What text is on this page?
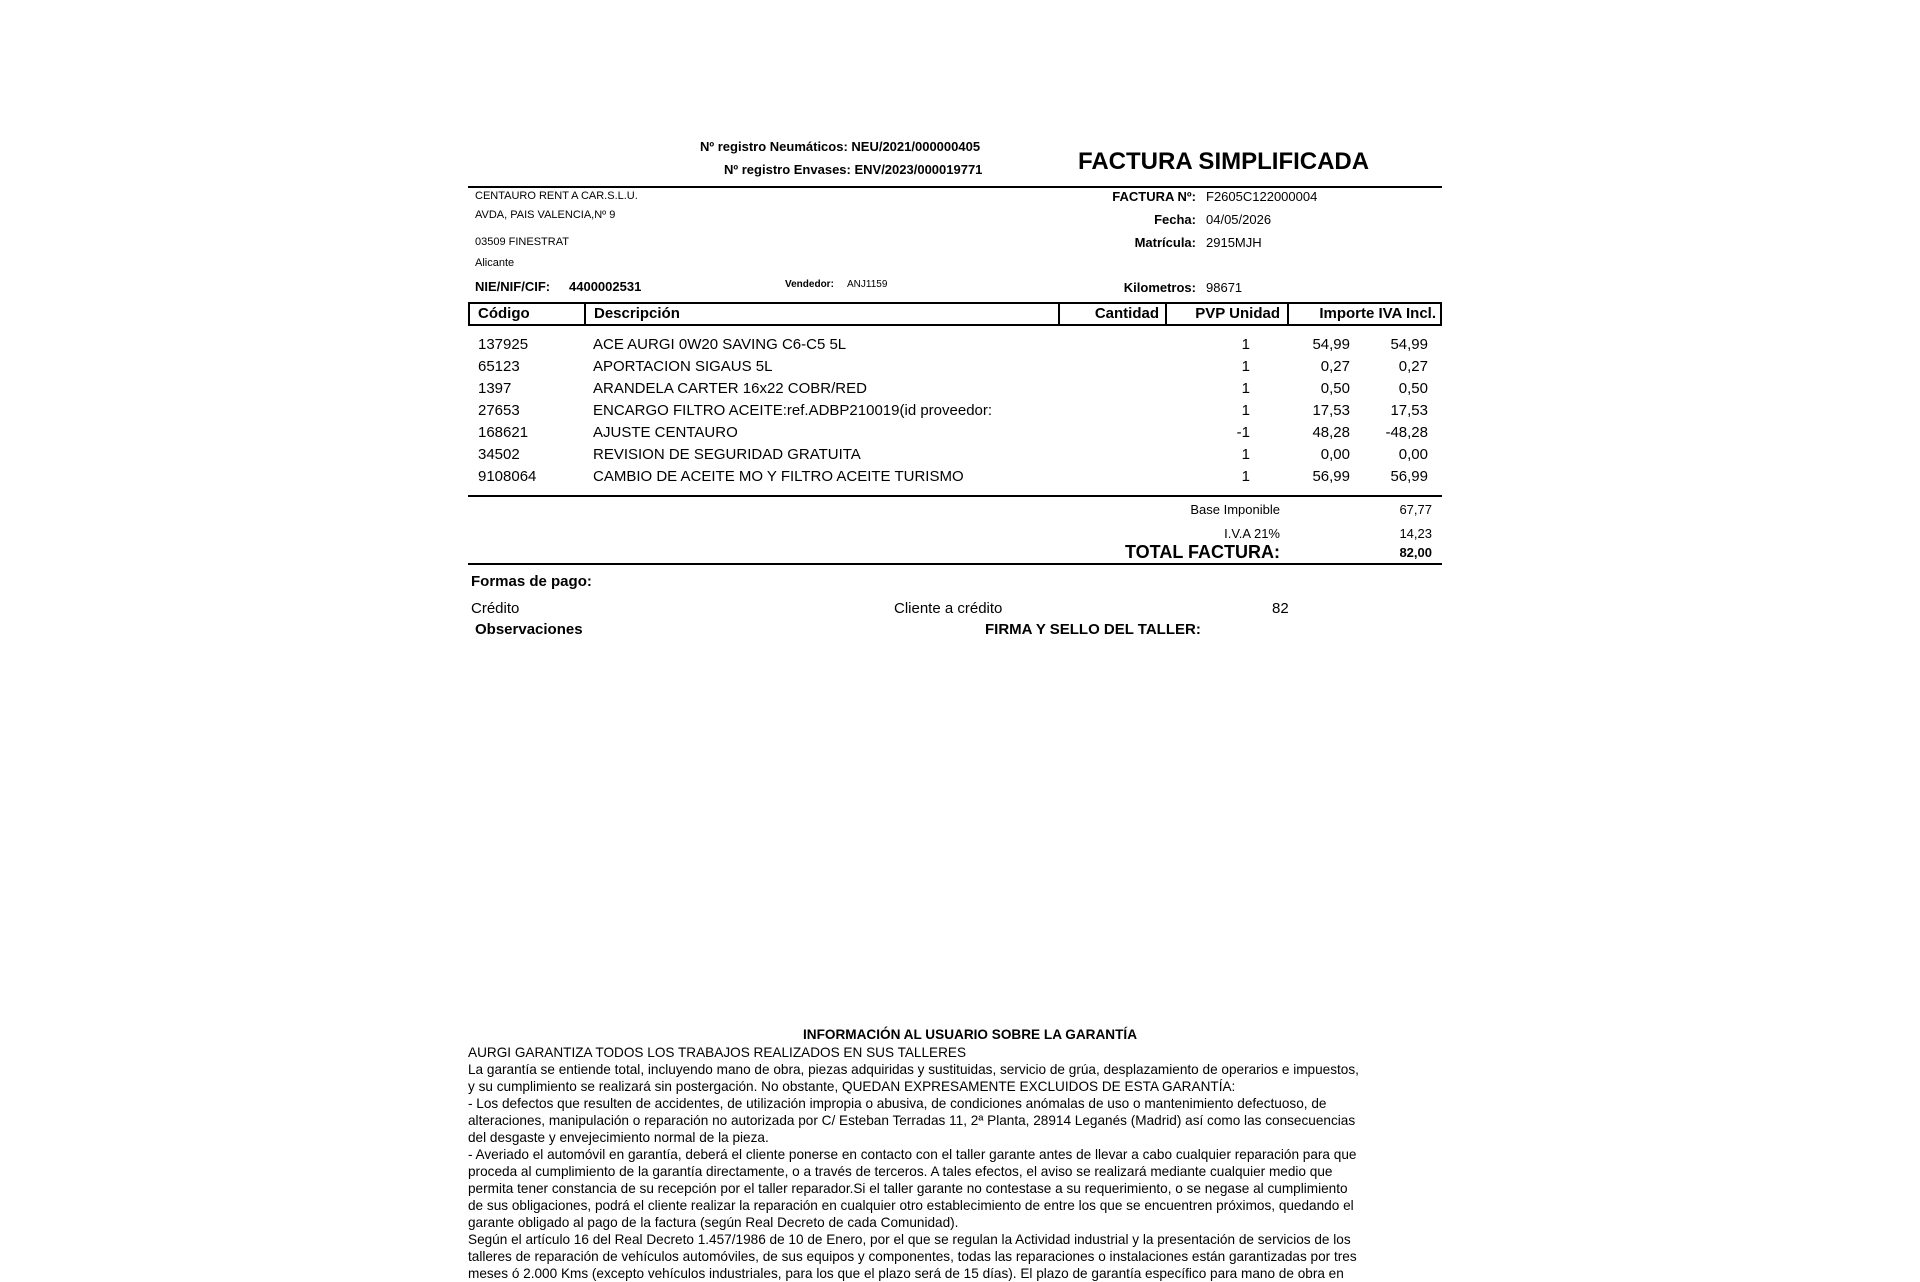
Nº registro Neumáticos: NEU/2021/000000405
Nº registro Envases: ENV/2023/000019771	FACTURA SIMPLIFICADA
CENTAURO RENT A CAR.S.L.U.
AVDA, PAIS VALENCIA,Nº 9
03509 FINESTRAT
Alicante
NIE/NIF/CIF: 4400002531	Vendedor: ANJ1159
FACTURA Nº: F2605C122000004
Fecha: 04/05/2026
Matrícula: 2915MJH
Kilometros: 98671
Código	Descripción	Cantidad	PVP Unidad	Importe IVA Incl.
137925	ACE AURGI 0W20 SAVING C6-C5 5L	1	54,99	54,99
65123	APORTACION SIGAUS 5L	1	0,27	0,27
1397	ARANDELA CARTER 16x22 COBR/RED	1	0,50	0,50
27653	ENCARGO FILTRO ACEITE:ref.ADBP210019(id proveedor:	1	17,53	17,53
168621	AJUSTE CENTAURO	-1	48,28	-48,28
34502	REVISION DE SEGURIDAD GRATUITA	1	0,00	0,00
9108064	CAMBIO DE ACEITE MO Y FILTRO ACEITE TURISMO	1	56,99	56,99
Base Imponible	67,77
I.V.A 21%	14,23
TOTAL FACTURA:	82,00
Formas de pago:
Crédito	Cliente a crédito	82
Observaciones	FIRMA Y SELLO DEL TALLER:
INFORMACIÓN AL USUARIO SOBRE LA GARANTÍA

AURGI GARANTIZA TODOS LOS TRABAJOS REALIZADOS EN SUS TALLERES

La garantía se entiende total, incluyendo mano de obra, piezas adquiridas y sustituidas, servicio de grúa, desplazamiento de operarios e impuestos,

y su cumplimiento se realizará sin postergación. No obstante, QUEDAN EXPRESAMENTE EXCLUIDOS DE ESTA GARANTÍA:

- Los defectos que resulten de accidentes, de utilización impropia o abusiva, de condiciones anómalas de uso o mantenimiento defectuoso, de

alteraciones, manipulación o reparación no autorizada por C/ Esteban Terradas 11, 2ª Planta, 28914 Leganés (Madrid) así como las consecuencias

del desgaste y envejecimiento normal de la pieza.

- Averiado el automóvil en garantía, deberá el cliente ponerse en contacto con el taller garante antes de llevar a cabo cualquier reparación para que

proceda al cumplimiento de la garantía directamente, o a través de terceros. A tales efectos, el aviso se realizará mediante cualquier medio que

permita tener constancia de su recepción por el taller reparador.Si el taller garante no contestase a su requerimiento, o se negase al cumplimiento

de sus obligaciones, podrá el cliente realizar la reparación en cualquier otro establecimiento de entre los que se encuentren próximos, quedando el

garante obligado al pago de la factura (según Real Decreto de cada Comunidad).

Según el artículo 16 del Real Decreto 1.457/1986 de 10 de Enero, por el que se regulan la Actividad industrial y la presentación de servicios de los

talleres de reparación de vehículos automóviles, de sus equipos y componentes, todas las reparaciones o instalaciones están garantizadas por tres

meses ó 2.000 Kms (excepto vehículos industriales, para los que el plazo será de 15 días). El plazo de garantía específico para mano de obra en
